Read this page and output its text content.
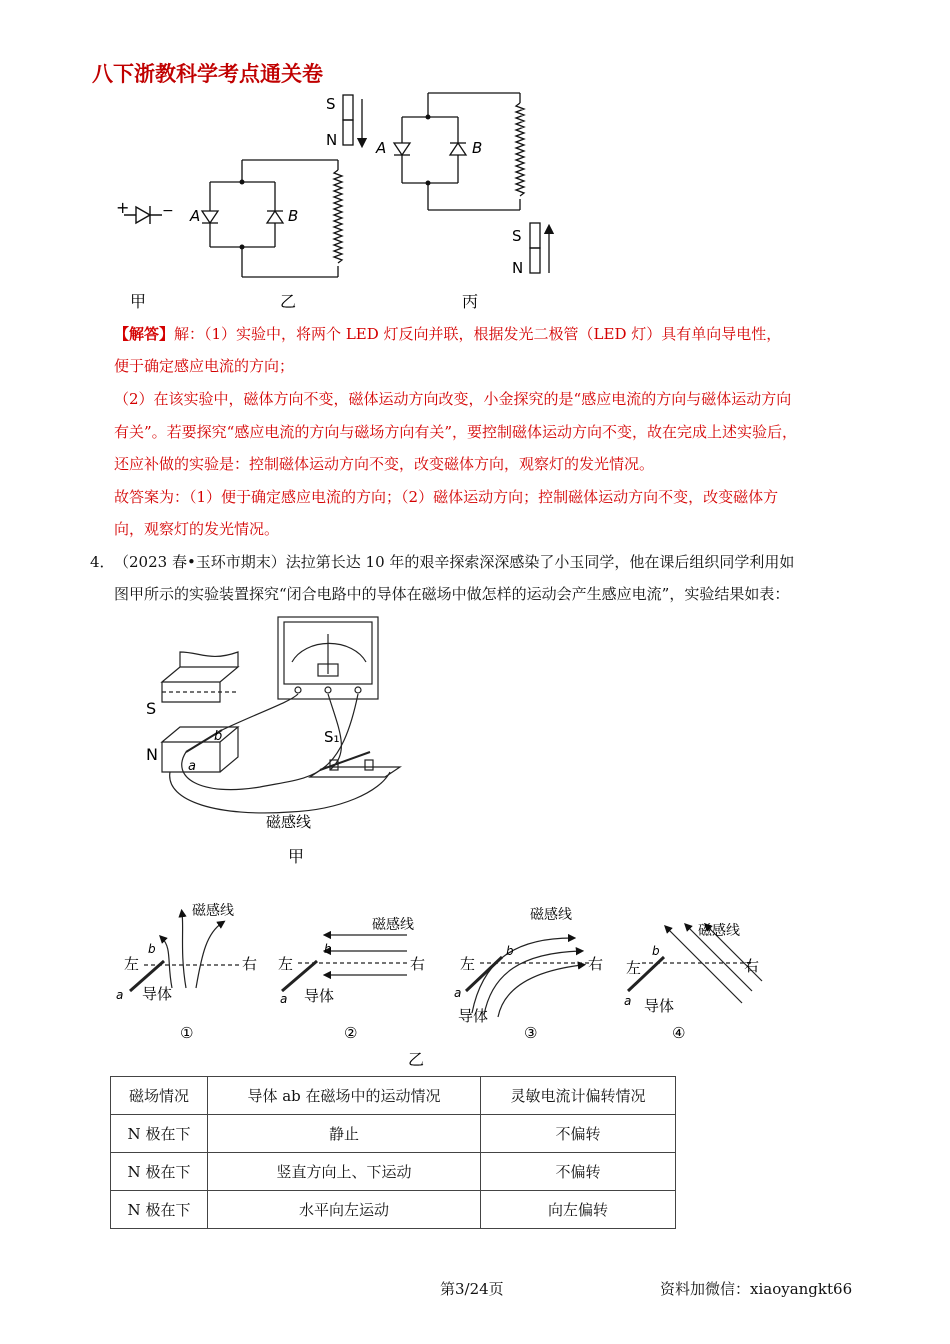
八下浙教科学考点通关卷
+ −
甲
A	B
S
N
乙
A	B
S
N
丙
【解答】解：（1）实验中，将两个 LED 灯反向并联，根据发光二极管（LED 灯）具有单向导电性，
便于确定感应电流的方向；
（2）在该实验中，磁体方向不变，磁体运动方向改变，小金探究的是“感应电流的方向与磁体运动方向
有关”。若要探究“感应电流的方向与磁场方向有关”，要控制磁体运动方向不变，故在完成上述实验后，
还应补做的实验是：控制磁体运动方向不变，改变磁体方向，观察灯的发光情况。
故答案为：（1）便于确定感应电流的方向；（2）磁体运动方向；控制磁体运动方向不变，改变磁体方
向，观察灯的发光情况。
4． （2023 春•玉环市期末）法拉第长达 10 年的艰辛探索深深感染了小玉同学，他在课后组织同学利用如
图甲所示的实验装置探究“闭合电路中的导体在磁场中做怎样的运动会产生感应电流”，实验结果如表：
S
N
a
b	S₁
磁感线
甲
磁感线
左	右
导体
a
b
①
磁感线
左	右
导体
a
b
②
磁感线
左	右
导体
a
b
③
磁感线
左	右
导体
a
b
④
乙
磁场情况	导体 ab 在磁场中的运动情况	灵敏电流计偏转情况
N 极在下	静止	不偏转
N 极在下	竖直方向上、下运动	不偏转
N 极在下	水平向左运动	向左偏转
第3/24页	资料加微信：xiaoyangkt66
